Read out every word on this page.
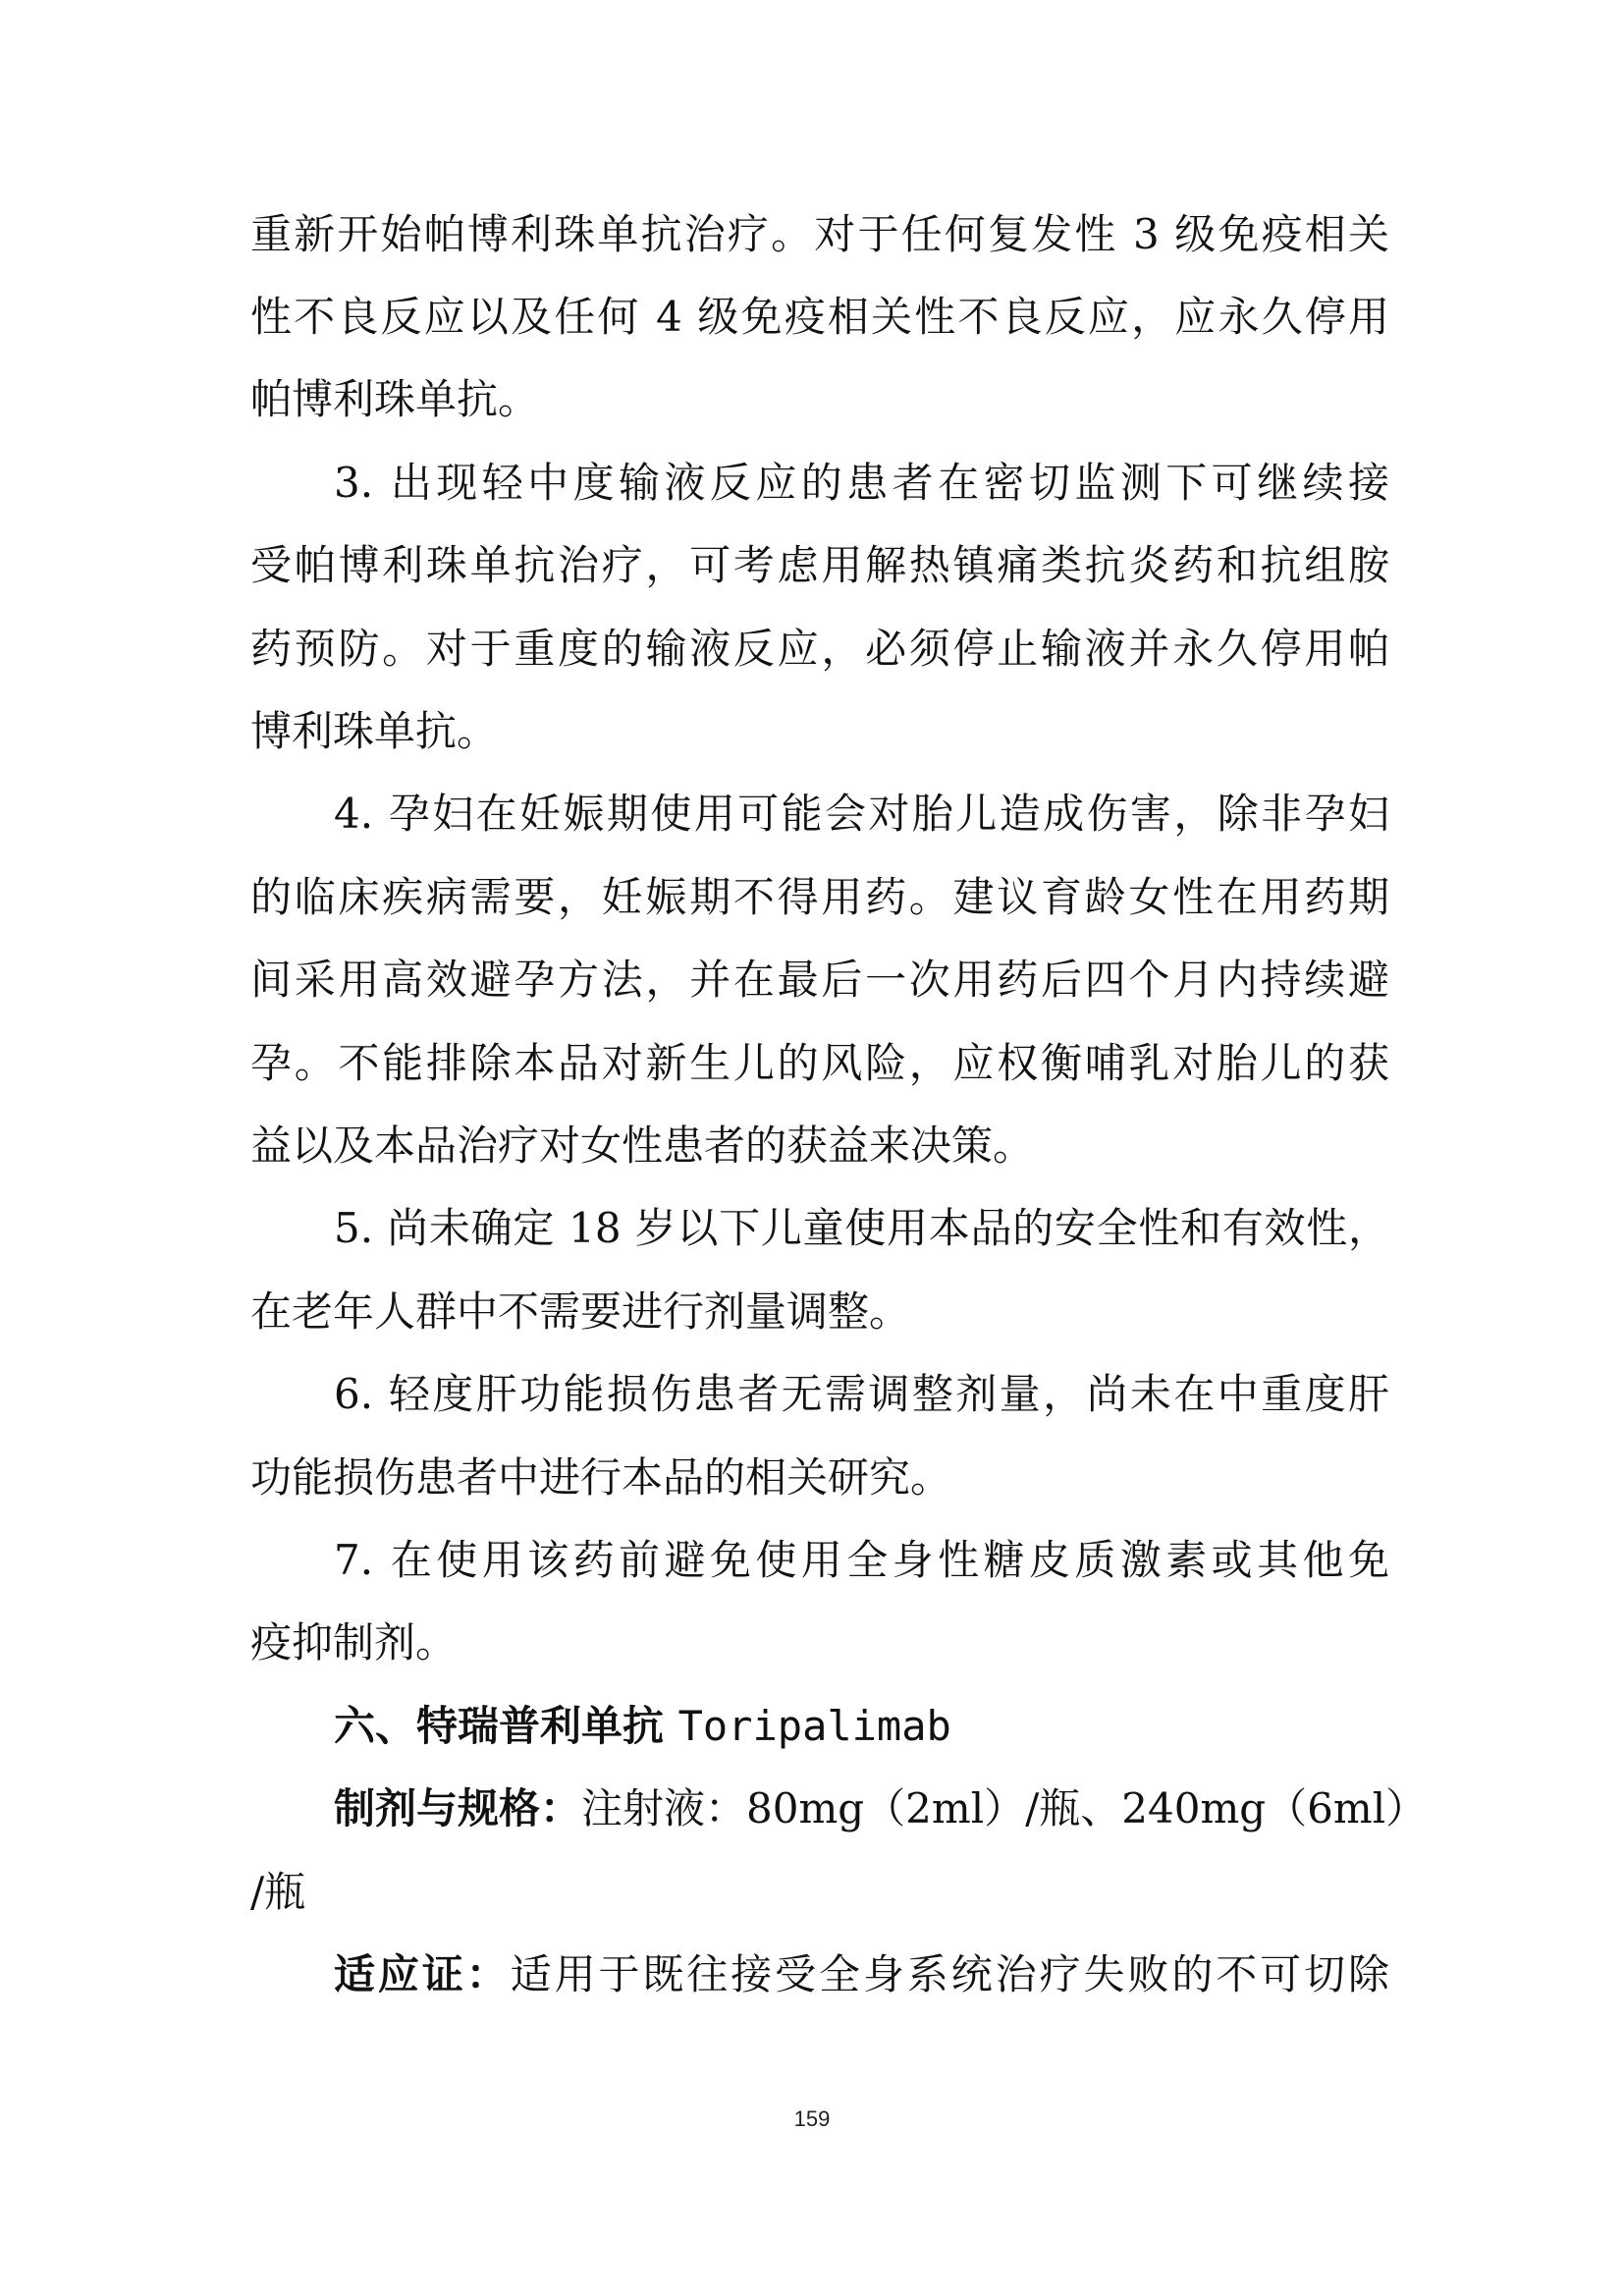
重新开始帕博利珠单抗治疗。对于任何复发性 3 级免疫相关
性不良反应以及任何 4 级免疫相关性不良反应，应永久停用
帕博利珠单抗。
3. 出现轻中度输液反应的患者在密切监测下可继续接
受帕博利珠单抗治疗，可考虑用解热镇痛类抗炎药和抗组胺
药预防。对于重度的输液反应，必须停止输液并永久停用帕
博利珠单抗。
4. 孕妇在妊娠期使用可能会对胎儿造成伤害，除非孕妇
的临床疾病需要，妊娠期不得用药。建议育龄女性在用药期
间采用高效避孕方法，并在最后一次用药后四个月内持续避
孕。不能排除本品对新生儿的风险，应权衡哺乳对胎儿的获
益以及本品治疗对女性患者的获益来决策。
5. 尚未确定 18 岁以下儿童使用本品的安全性和有效性，
在老年人群中不需要进行剂量调整。
6. 轻度肝功能损伤患者无需调整剂量，尚未在中重度肝
功能损伤患者中进行本品的相关研究。
7. 在使用该药前避免使用全身性糖皮质激素或其他免
疫抑制剂。
六、特瑞普利单抗 Toripalimab
制剂与规格：注射液：80mg（2ml）/瓶、240mg（6ml）
/瓶
适应证：适用于既往接受全身系统治疗失败的不可切除
159
